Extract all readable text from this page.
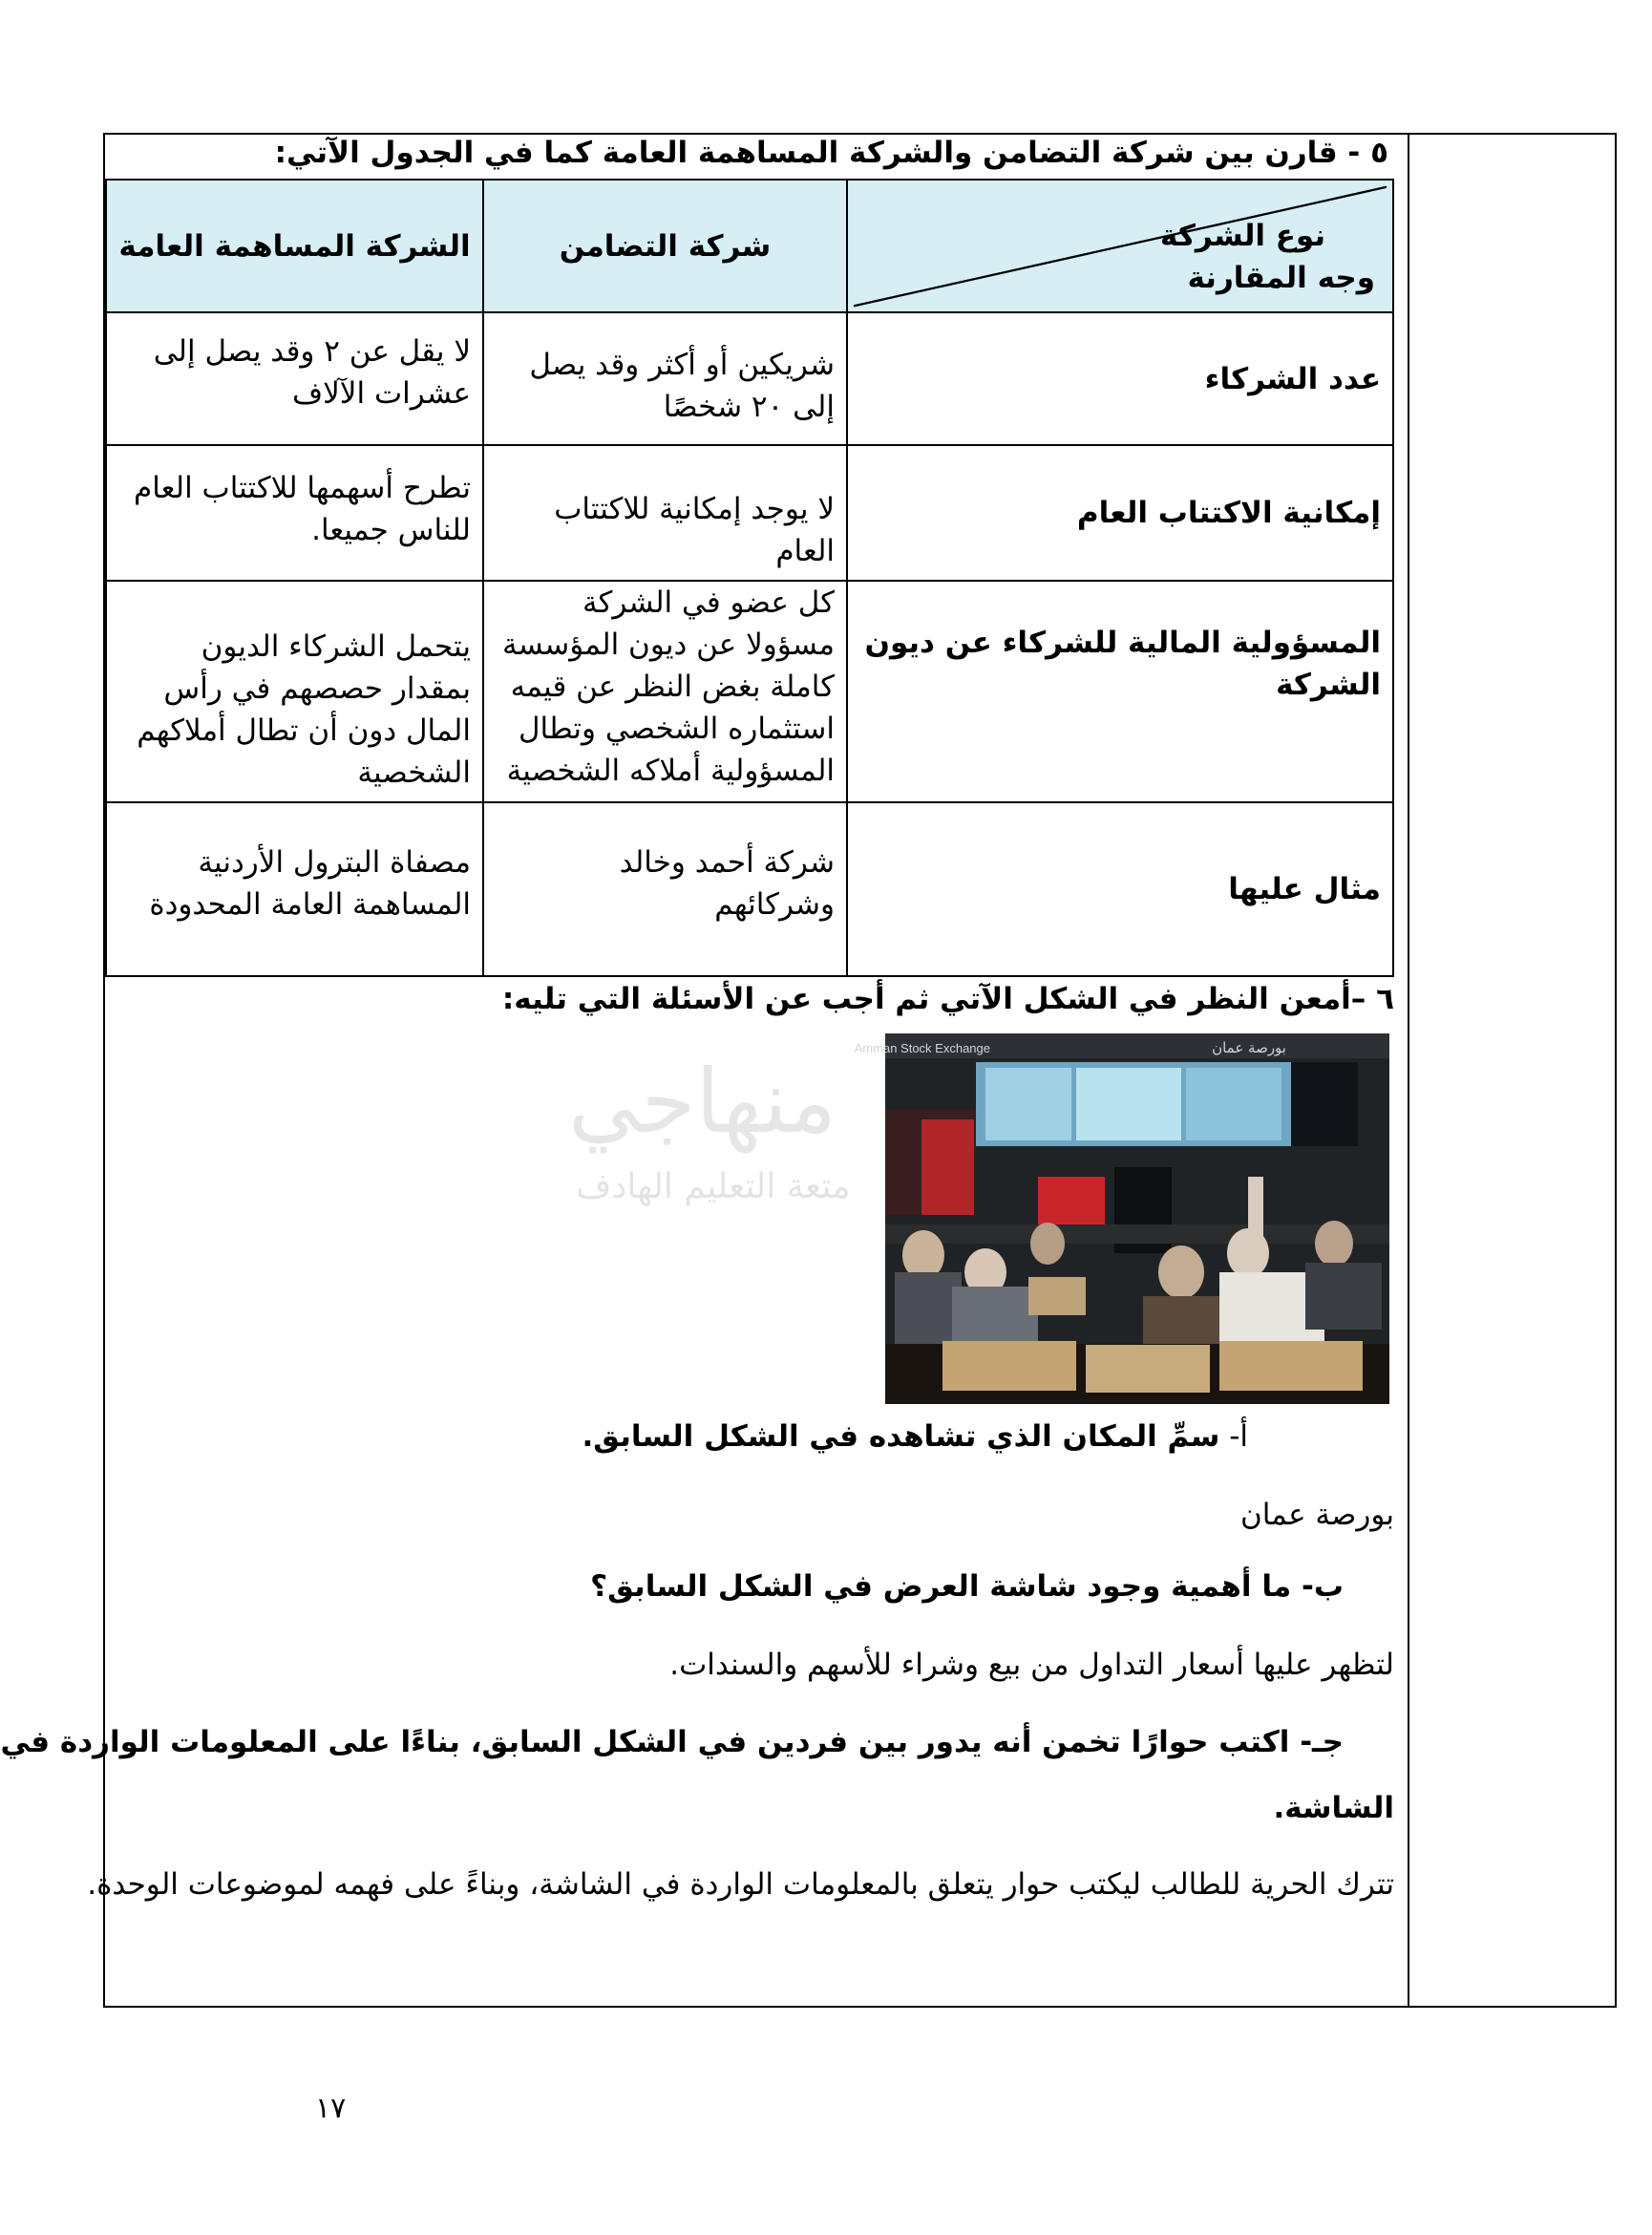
٥ - قارن بين شركة التضامن والشركة المساهمة العامة كما في الجدول الآتي:
نوع الشركة
وجه المقارنة	شركة التضامن	الشركة المساهمة العامة
عدد الشركاء	شريكين أو أكثر وقد يصل إلى ٢٠ شخصًا	لا يقل عن ٢ وقد يصل إلى عشرات الآلاف
إمكانية الاكتتاب العام	لا يوجد إمكانية للاكتتاب العام	تطرح أسهمها للاكتتاب العام للناس جميعا.
المسؤولية المالية للشركاء عن ديون الشركة	كل عضو في الشركة مسؤولا عن ديون المؤسسة كاملة بغض النظر عن قيمه استثماره الشخصي وتطال المسؤولية أملاكه الشخصية	يتحمل الشركاء الديون بمقدار حصصهم في رأس المال دون أن تطال أملاكهم الشخصية
مثال عليها	شركة أحمد وخالد وشركائهم	مصفاة البترول الأردنية المساهمة العامة المحدودة
٦ –أمعن النظر في الشكل الآتي ثم أجب عن الأسئلة التي تليه:
منهاجي
متعة التعليم الهادف
Amman Stock Exchange	بورصة عمان
أ- سمِّ المكان الذي تشاهده في الشكل السابق.
بورصة عمان
ب- ما أهمية وجود شاشة العرض في الشكل السابق؟
لتظهر عليها أسعار التداول من بيع وشراء للأسهم والسندات.
جـ- اكتب حوارًا تخمن أنه يدور بين فردين في الشكل السابق، بناءًا على المعلومات الواردة في
الشاشة.
تترك الحرية للطالب ليكتب حوار يتعلق بالمعلومات الواردة في الشاشة، وبناءً على فهمه لموضوعات الوحدة.
١٧
